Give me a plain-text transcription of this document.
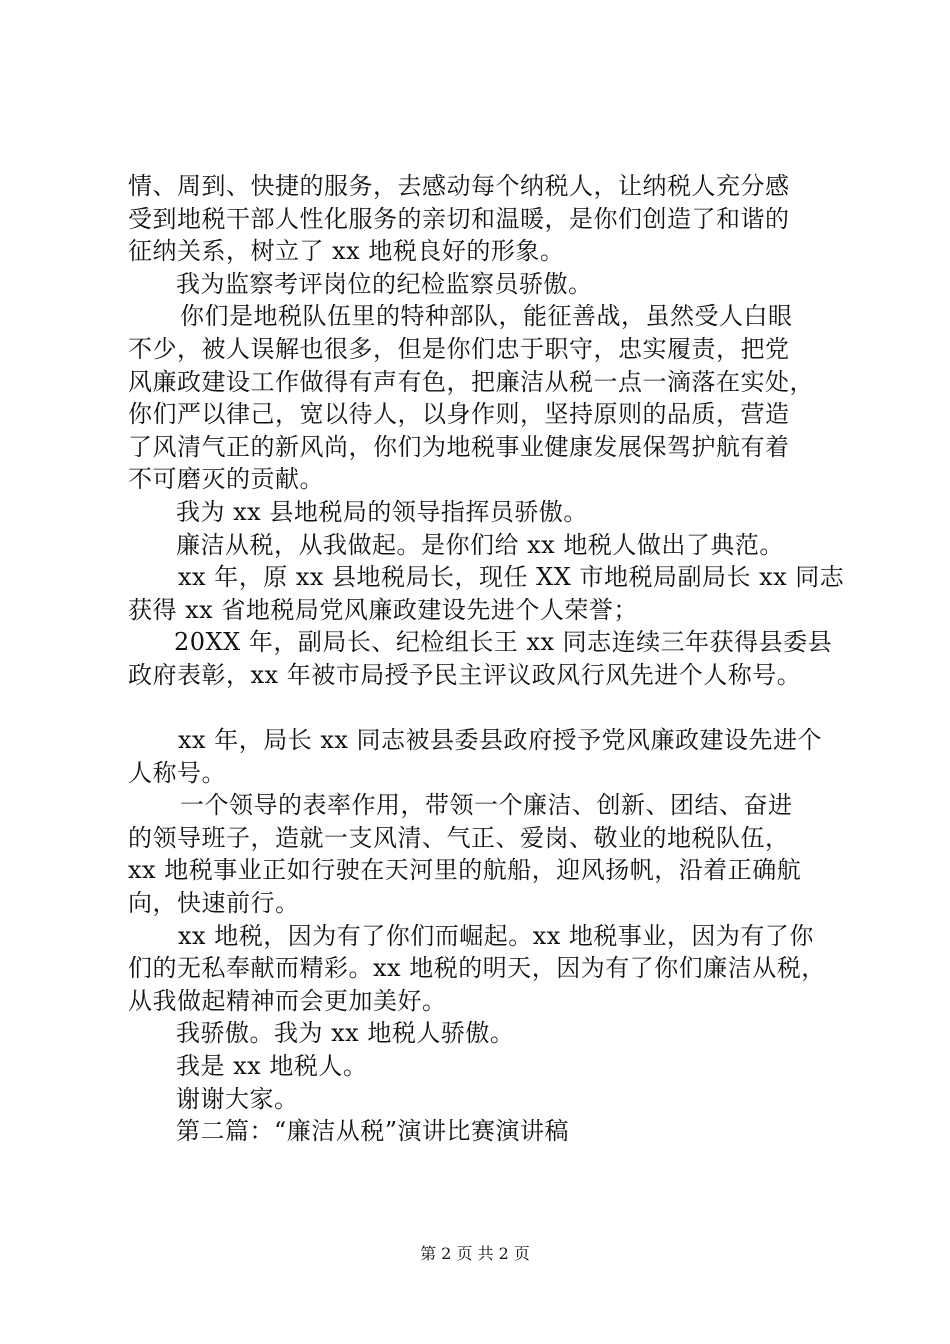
情、周到、快捷的服务，去感动每个纳税人，让纳税人充分感
受到地税干部人性化服务的亲切和温暖，是你们创造了和谐的
征纳关系，树立了 xx 地税良好的形象。
我为监察考评岗位的纪检监察员骄傲。
你们是地税队伍里的特种部队，能征善战，虽然受人白眼
不少，被人误解也很多，但是你们忠于职守，忠实履责，把党
风廉政建设工作做得有声有色，把廉洁从税一点一滴落在实处，
你们严以律己，宽以待人，以身作则，坚持原则的品质，营造
了风清气正的新风尚，你们为地税事业健康发展保驾护航有着
不可磨灭的贡献。
我为 xx 县地税局的领导指挥员骄傲。
廉洁从税，从我做起。是你们给 xx 地税人做出了典范。
xx 年，原 xx 县地税局长，现任 XX 市地税局副局长 xx 同志
获得 xx 省地税局党风廉政建设先进个人荣誉；
20XX 年，副局长、纪检组长王 xx 同志连续三年获得县委县
政府表彰，xx 年被市局授予民主评议政风行风先进个人称号。
xx 年，局长 xx 同志被县委县政府授予党风廉政建设先进个
人称号。
一个领导的表率作用，带领一个廉洁、创新、团结、奋进
的领导班子，造就一支风清、气正、爱岗、敬业的地税队伍，
xx 地税事业正如行驶在天河里的航船，迎风扬帆，沿着正确航
向，快速前行。
xx 地税，因为有了你们而崛起。xx 地税事业，因为有了你
们的无私奉献而精彩。xx 地税的明天，因为有了你们廉洁从税，
从我做起精神而会更加美好。
我骄傲。我为 xx 地税人骄傲。
我是 xx 地税人。
谢谢大家。
第二篇：“廉洁从税”演讲比赛演讲稿
第 2 页 共 2 页
